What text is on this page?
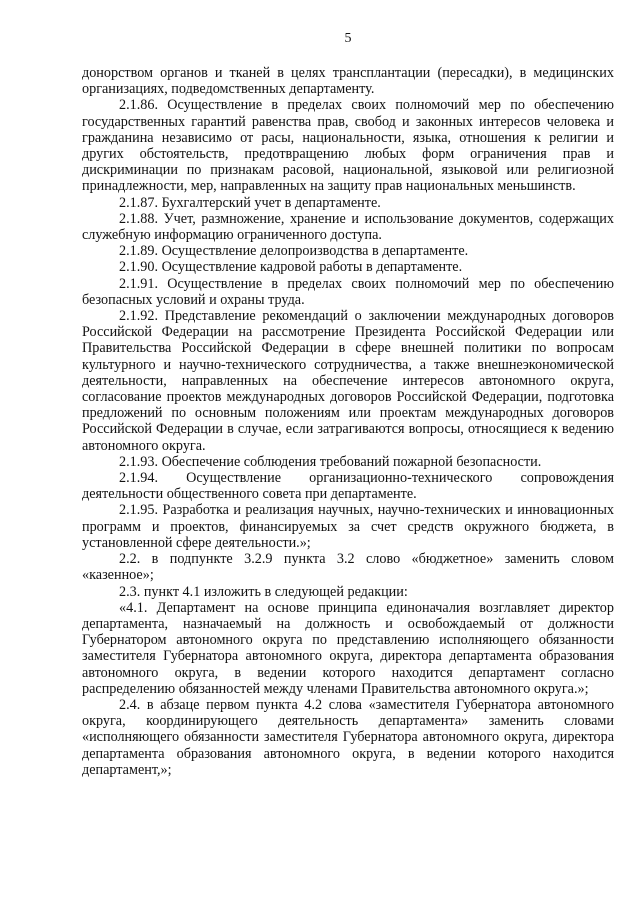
5

донорством органов и тканей в целях трансплантации (пересадки), в медицинских организациях, подведомственных департаменту.

2.1.86. Осуществление в пределах своих полномочий мер по обеспечению государственных гарантий равенства прав, свобод и законных интересов человека и гражданина независимо от расы, национальности, языка, отношения к религии и других обстоятельств, предотвращению любых форм ограничения прав и дискриминации по признакам расовой, национальной, языковой или религиозной принадлежности, мер, направленных на защиту прав национальных меньшинств.

2.1.87. Бухгалтерский учет в департаменте.

2.1.88. Учет, размножение, хранение и использование документов, содержащих служебную информацию ограниченного доступа.

2.1.89. Осуществление делопроизводства в департаменте.

2.1.90. Осуществление кадровой работы в департаменте.

2.1.91. Осуществление в пределах своих полномочий мер по обеспечению безопасных условий и охраны труда.

2.1.92. Представление рекомендаций о заключении международных договоров Российской Федерации на рассмотрение Президента Российской Федерации или Правительства Российской Федерации в сфере внешней политики по вопросам культурного и научно-технического сотрудничества, а также внешнеэкономической деятельности, направленных на обеспечение интересов автономного округа, согласование проектов международных договоров Российской Федерации, подготовка предложений по основным положениям или проектам международных договоров Российской Федерации в случае, если затрагиваются вопросы, относящиеся к ведению автономного округа.

2.1.93. Обеспечение соблюдения требований пожарной безопасности.

2.1.94. Осуществление организационно-технического сопровождения деятельности общественного совета при департаменте.

2.1.95. Разработка и реализация научных, научно-технических и инновационных программ и проектов, финансируемых за счет средств окружного бюджета, в установленной сфере деятельности.»;

2.2. в подпункте 3.2.9 пункта 3.2 слово «бюджетное» заменить словом «казенное»;

2.3. пункт 4.1 изложить в следующей редакции:

«4.1. Департамент на основе принципа единоначалия возглавляет директор департамента, назначаемый на должность и освобождаемый от должности Губернатором автономного округа по представлению исполняющего обязанности заместителя Губернатора автономного округа, директора департамента образования автономного округа, в ведении которого находится департамент согласно распределению обязанностей между членами Правительства автономного округа.»;

2.4. в абзаце первом пункта 4.2 слова «заместителя Губернатора автономного округа, координирующего деятельность департамента» заменить словами «исполняющего обязанности заместителя Губернатора автономного округа, директора департамента образования автономного округа, в ведении которого находится департамент,»;
